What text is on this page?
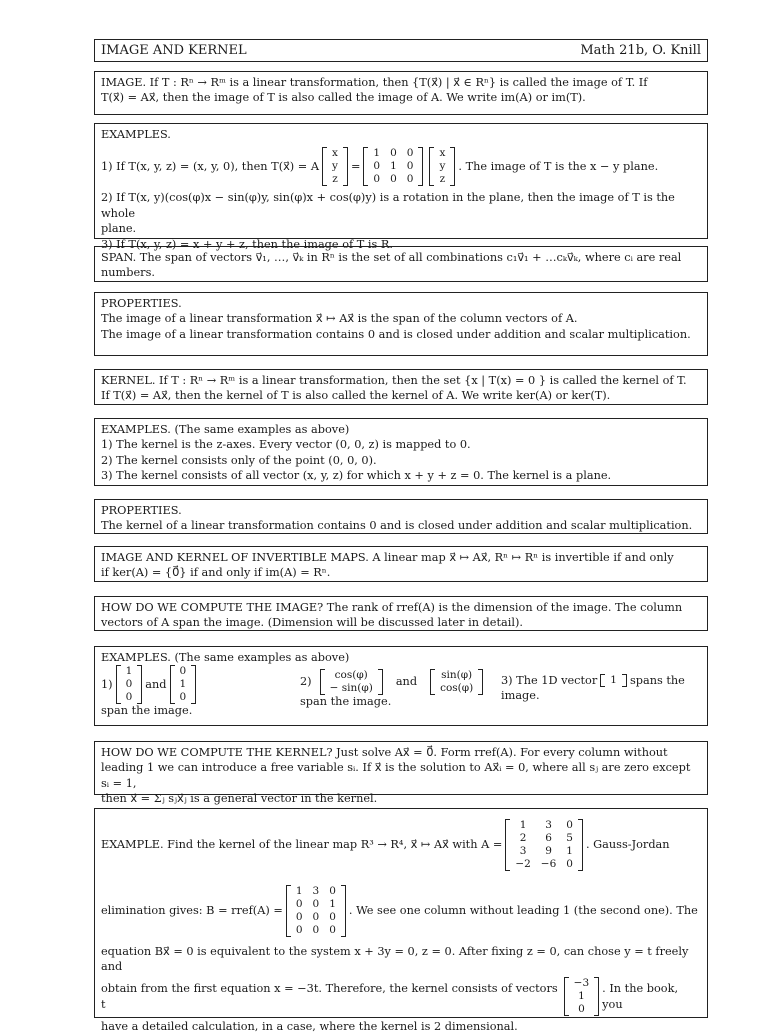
IMAGE AND KERNEL	Math 21b, O. Knill

IMAGE. If T : Rⁿ → Rᵐ is a linear transformation, then {T(x⃗) | x⃗ ∈ Rⁿ} is called the image of T. If

T(x⃗) = Ax⃗, then the image of T is also called the image of A. We write im(A) or im(T).

EXAMPLES.

1) If T(x, y, z) = (x, y, 0), then T(x⃗) = A
x
y
z
=
1	0	0
0	1	0
0	0	0
x
y
z
. The image of T is the x − y plane.

2) If T(x, y)(cos(φ)x − sin(φ)y, sin(φ)x + cos(φ)y) is a rotation in the plane, then the image of T is the whole

plane.

3) If T(x, y, z) = x + y + z, then the image of T is R.

SPAN. The span of vectors v⃗₁, …, v⃗ₖ in Rⁿ is the set of all combinations c₁v⃗₁ + …cₖv⃗ₖ, where cᵢ are real

numbers.

PROPERTIES.

The image of a linear transformation x⃗ ↦ Ax⃗ is the span of the column vectors of A.

The image of a linear transformation contains 0 and is closed under addition and scalar multiplication.

KERNEL. If T : Rⁿ → Rᵐ is a linear transformation, then the set {x | T(x) = 0 } is called the kernel of T.

If T(x⃗) = Ax⃗, then the kernel of T is also called the kernel of A. We write ker(A) or ker(T).

EXAMPLES. (The same examples as above)

1) The kernel is the z-axes. Every vector (0, 0, z) is mapped to 0.

2) The kernel consists only of the point (0, 0, 0).

3) The kernel consists of all vector (x, y, z) for which x + y + z = 0. The kernel is a plane.

PROPERTIES.

The kernel of a linear transformation contains 0 and is closed under addition and scalar multiplication.

IMAGE AND KERNEL OF INVERTIBLE MAPS. A linear map x⃗ ↦ Ax⃗, Rⁿ ↦ Rⁿ is invertible if and only

if ker(A) = {0⃗} if and only if im(A) = Rⁿ.

HOW DO WE COMPUTE THE IMAGE? The rank of rref(A) is the dimension of the image. The column

vectors of A span the image. (Dimension will be discussed later in detail).

EXAMPLES. (The same examples as above)

1)
1
0
0
and
0
1
0

span the image.

2)
cos(φ)
− sin(φ) and
sin(φ)
cos(φ)

span the image.

3) The 1D vector 1 spans the

image.

HOW DO WE COMPUTE THE KERNEL? Just solve Ax⃗ = 0⃗. Form rref(A). For every column without

leading 1 we can introduce a free variable sᵢ. If x⃗ is the solution to Ax⃗ᵢ = 0, where all sⱼ are zero except sᵢ = 1,

then x⃗ = Σⱼ sⱼx⃗ⱼ is a general vector in the kernel.

EXAMPLE. Find the kernel of the linear map R³ → R⁴, x⃗ ↦ Ax⃗ with A =
1	3	0
2	6	5
3	9	1
−2	−6	0
. Gauss-Jordan
elimination gives: B = rref(A) =
1	3	0
0	0	1
0	0	0
0	0	0
. We see one column without leading 1 (the second one). The

equation Bx⃗ = 0 is equivalent to the system x + 3y = 0, z = 0. After fixing z = 0, can chose y = t freely and

obtain from the first equation x = −3t. Therefore, the kernel consists of vectors t
−3
1
0
. In the book, you

have a detailed calculation, in a case, where the kernel is 2 dimensional.
